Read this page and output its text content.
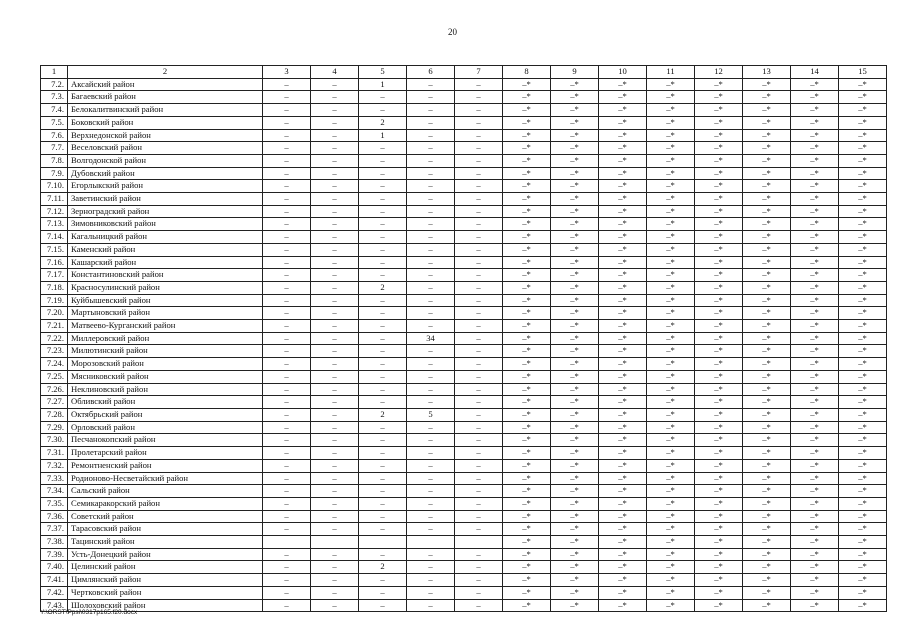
20
1	2	3	4	5	6	7	8	9	10	11	12	13	14	15
7.2.	Аксайский район	–	–	1	–	–	–*	–*	–*	–*	–*	–*	–*	–*
7.3.	Багаевский район	–	–	–	–	–	–*	–*	–*	–*	–*	–*	–*	–*
7.4.	Белокалитвинский район	–	–	–	–	–	–*	–*	–*	–*	–*	–*	–*	–*
7.5.	Боковский район	–	–	2	–	–	–*	–*	–*	–*	–*	–*	–*	–*
7.6.	Верхнедонской район	–	–	1	–	–	–*	–*	–*	–*	–*	–*	–*	–*
7.7.	Веселовский район	–	–	–	–	–	–*	–*	–*	–*	–*	–*	–*	–*
7.8.	Волгодонской район	–	–	–	–	–	–*	–*	–*	–*	–*	–*	–*	–*
7.9.	Дубовский район	–	–	–	–	–	–*	–*	–*	–*	–*	–*	–*	–*
7.10.	Егорлыкский район	–	–	–	–	–	–*	–*	–*	–*	–*	–*	–*	–*
7.11.	Заветинский район	–	–	–	–	–	–*	–*	–*	–*	–*	–*	–*	–*
7.12.	Зерноградский район	–	–	–	–	–	–*	–*	–*	–*	–*	–*	–*	–*
7.13.	Зимовниковский район	–	–	–	–	–	–*	–*	–*	–*	–*	–*	–*	–*
7.14.	Кагальницкий район	–	–	–	–	–	–*	–*	–*	–*	–*	–*	–*	–*
7.15.	Каменский район	–	–	–	–	–	–*	–*	–*	–*	–*	–*	–*	–*
7.16.	Кашарский район	–	–	–	–	–	–*	–*	–*	–*	–*	–*	–*	–*
7.17.	Константиновский район	–	–	–	–	–	–*	–*	–*	–*	–*	–*	–*	–*
7.18.	Красносулинский район	–	–	2	–	–	–*	–*	–*	–*	–*	–*	–*	–*
7.19.	Куйбышевский район	–	–	–	–	–	–*	–*	–*	–*	–*	–*	–*	–*
7.20.	Мартыновский район	–	–	–	–	–	–*	–*	–*	–*	–*	–*	–*	–*
7.21.	Матвеево-Курганский район	–	–	–	–	–	–*	–*	–*	–*	–*	–*	–*	–*
7.22.	Миллеровский район	–	–	–	34	–	–*	–*	–*	–*	–*	–*	–*	–*
7.23.	Милютинский район	–	–	–	–	–	–*	–*	–*	–*	–*	–*	–*	–*
7.24.	Морозовский район	–	–	–	–	–	–*	–*	–*	–*	–*	–*	–*	–*
7.25.	Мясниковский район	–	–	–	–	–	–*	–*	–*	–*	–*	–*	–*	–*
7.26.	Неклиновский район	–	–	–	–	–	–*	–*	–*	–*	–*	–*	–*	–*
7.27.	Обливский район	–	–	–	–	–	–*	–*	–*	–*	–*	–*	–*	–*
7.28.	Октябрьский район	–	–	2	5	–	–*	–*	–*	–*	–*	–*	–*	–*
7.29.	Орловский район	–	–	–	–	–	–*	–*	–*	–*	–*	–*	–*	–*
7.30.	Песчанокопский район	–	–	–	–	–	–*	–*	–*	–*	–*	–*	–*	–*
7.31.	Пролетарский район	–	–	–	–	–	–*	–*	–*	–*	–*	–*	–*	–*
7.32.	Ремонтненский район	–	–	–	–	–	–*	–*	–*	–*	–*	–*	–*	–*
7.33.	Родионово-Несветайский район	–	–	–	–	–	–*	–*	–*	–*	–*	–*	–*	–*
7.34.	Сальский район	–	–	–	–	–	–*	–*	–*	–*	–*	–*	–*	–*
7.35.	Семикаракорский район	–	–	–	–	–	–*	–*	–*	–*	–*	–*	–*	–*
7.36.	Советский район	–	–	–	–	–	–*	–*	–*	–*	–*	–*	–*	–*
7.37.	Тарасовский район	–	–	–	–	–	–*	–*	–*	–*	–*	–*	–*	–*
7.38.	Тацинский район						–*	–*	–*	–*	–*	–*	–*	–*
7.39.	Усть-Донецкий район	–	–	–	–	–	–*	–*	–*	–*	–*	–*	–*	–*
7.40.	Целинский район	–	–	2	–	–	–*	–*	–*	–*	–*	–*	–*	–*
7.41.	Цимлянский район	–	–	–	–	–	–*	–*	–*	–*	–*	–*	–*	–*
7.42.	Чертковский район	–	–	–	–	–	–*	–*	–*	–*	–*	–*	–*	–*
7.43.	Шолоховский район	–	–	–	–	–	–*	–*	–*	–*	–*	–*	–*	–*
Y:\ORST\Ppsi\0317p165.f20.docx
